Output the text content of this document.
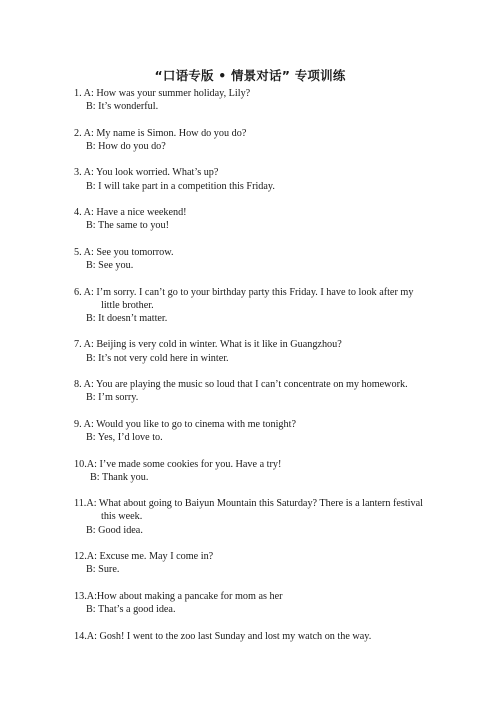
“口语专版 • 情景对话” 专项训练
1. A: How was your summer holiday, Lily?
B: It’s wonderful.
2. A: My name is Simon. How do you do?
B: How do you do?
3. A: You look worried. What’s up?
B: I will take part in a competition this Friday.
4. A: Have a nice weekend!
B: The same to you!
5. A: See you tomorrow.
B: See you.
6. A: I’m sorry. I can’t go to your birthday party this Friday. I have to look after my
little brother.
B: It doesn’t matter.
7. A: Beijing is very cold in winter. What is it like in Guangzhou?
B: It’s not very cold here in winter.
8. A: You are playing the music so loud that I can’t concentrate on my homework.
B: I’m sorry.
9. A: Would you like to go to cinema with me tonight?
B: Yes, I’d love to.
10.A: I’ve made some cookies for you. Have a try!
B: Thank you.
11.A: What about going to Baiyun Mountain this Saturday? There is a lantern festival
this week.
B: Good idea.
12.A: Excuse me. May I come in?
B: Sure.
13.A:How about making a pancake for mom as her
B: That’s a good idea.
14.A: Gosh! I went to the zoo last Sunday and lost my watch on the way.
